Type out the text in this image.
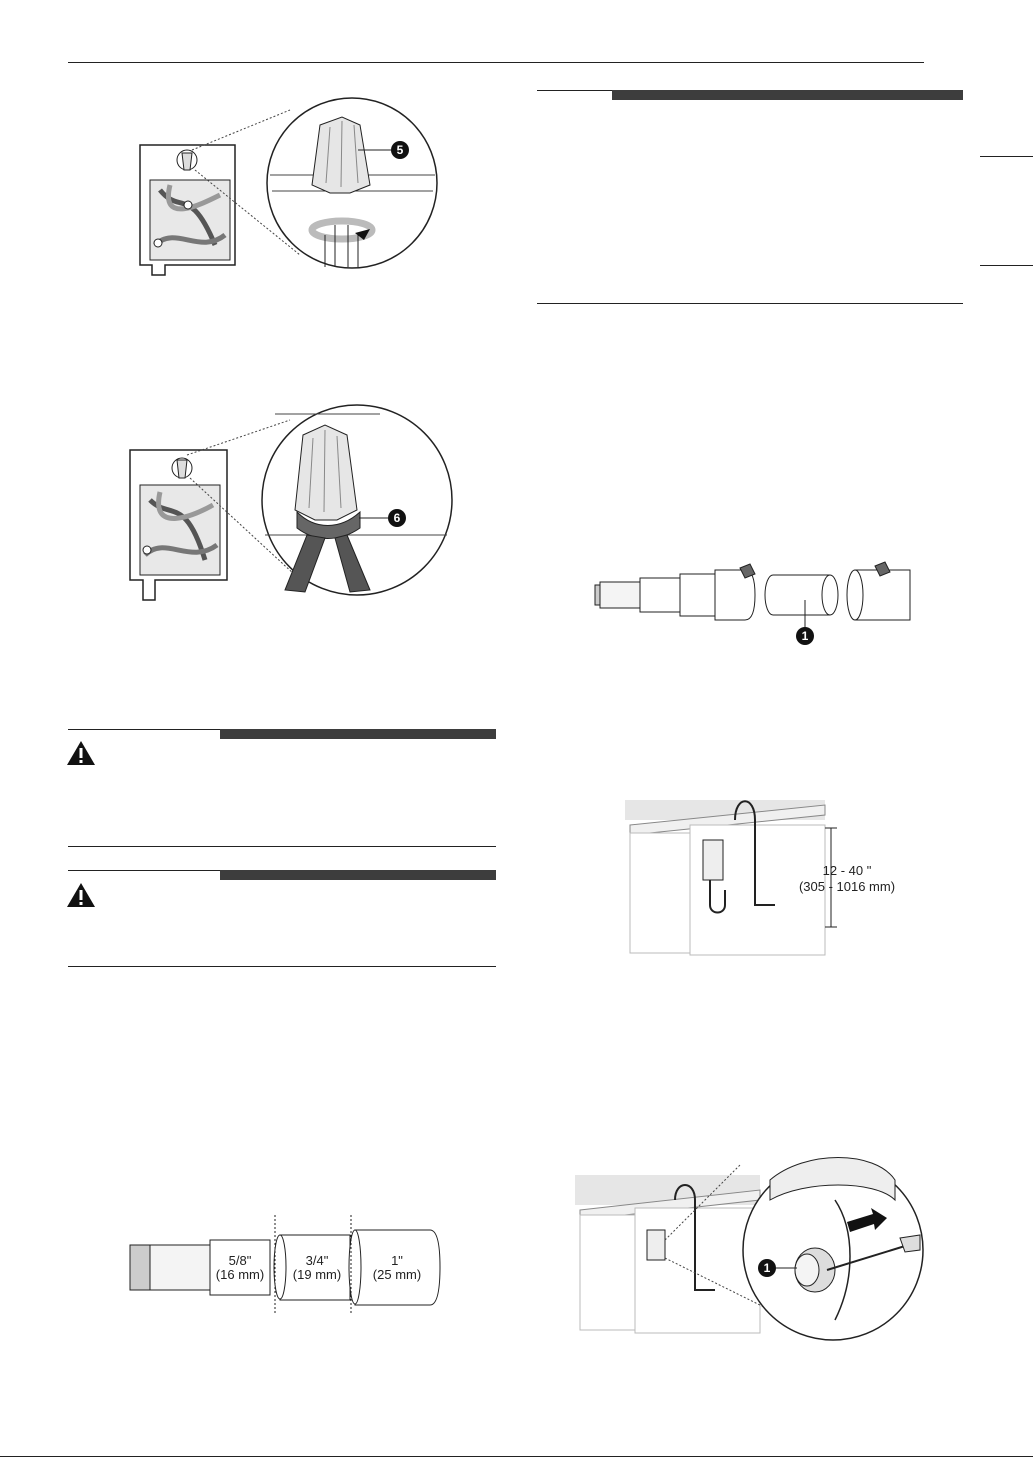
5
6
1
12 - 40 "
(305 - 1016 mm)
5/8"
(16 mm)
3/4"
(19 mm)
1"
(25 mm)	1
